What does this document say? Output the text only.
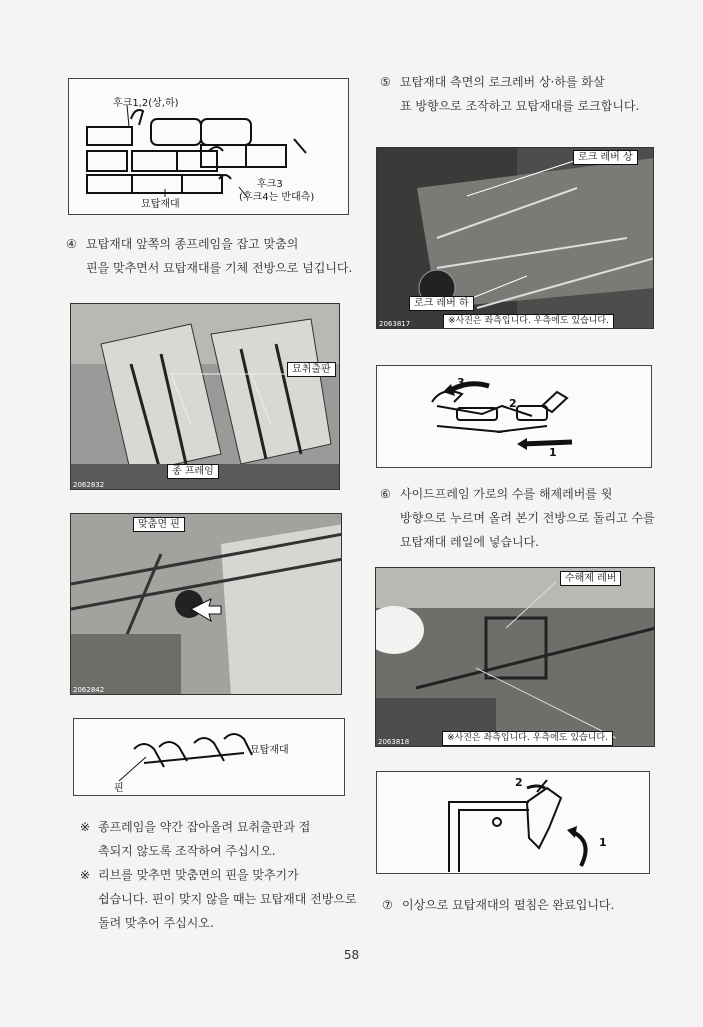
후크1,2(상,하)
후크3
(후크4는 반대측)
묘탑재대
④ 묘탑재대 앞쪽의 종프레임을 잡고 맞춤의
핀을 맞추면서 묘탑재대를 기체 전방으로 넘깁니다.
묘취출판
종 프레임
2062832
맞춤면 핀
2062842
묘탑재대
핀
※ 종프레임을 약간 잡아올려 묘취출판과 접
촉되지 않도록 조작하여 주십시오.
※ 리브를 맞추면 맞춤면의 핀을 맞추기가
쉽습니다. 핀이 맞지 않을 때는 묘탑재대 전방으로 돌려 맞추어 주십시오.
⑤ 묘탑재대 측면의 로크레버 상·하를 화살
표 방향으로 조작하고 묘탑재대를 로크합니다.
로크 레버 상
로크 레버 하
※사진은 좌측입니다. 우측에도 있습니다.
2063817
3
2
1
⑥ 사이드프레임 가로의 수를 해제레버를 윗
방향으로 누르며 올려 본기 전방으로 돌리고 수를 묘탑재대 레일에 넣습니다.
수해제 레버
※사진은 좌측입니다. 우측에도 있습니다.
2063818
2
1
⑦ 이상으로 묘탑재대의 펼침은 완료입니다.
58
